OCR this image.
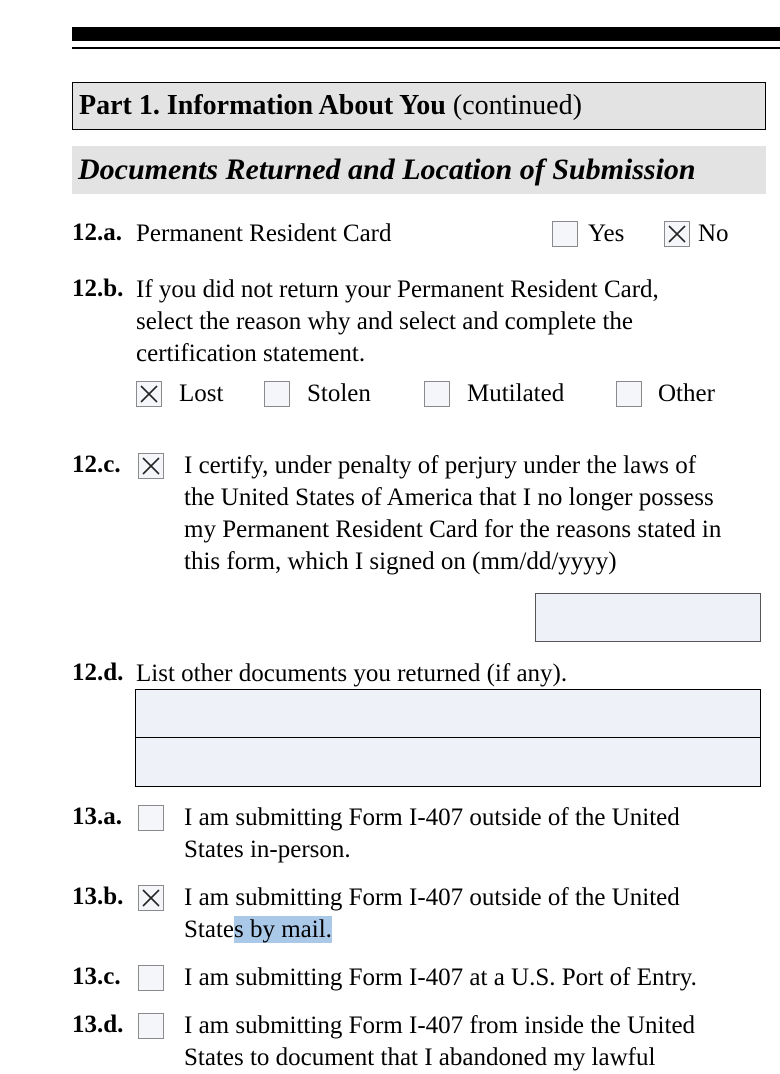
Part 1. Information About You (continued)
Documents Returned and Location of Submission
12.a. Permanent Resident Card	Yes	No
12.b. If you did not return your Permanent Resident Card,
select the reason why and select and complete the
certification statement.
Lost	Stolen	Mutilated	Other
12.c.	I certify, under penalty of perjury under the laws of
the United States of America that I no longer possess
my Permanent Resident Card for the reasons stated in
this form, which I signed on (mm/dd/yyyy)
12.d. List other documents you returned (if any).
13.a. I am submitting Form I-407 outside of the United
States in-person.
13.b. I am submitting Form I-407 outside of the United
States by mail.
13.c.	I am submitting Form I-407 at a U.S. Port of Entry.
13.d. I am submitting Form I-407 from inside the United
States to document that I abandoned my lawful
